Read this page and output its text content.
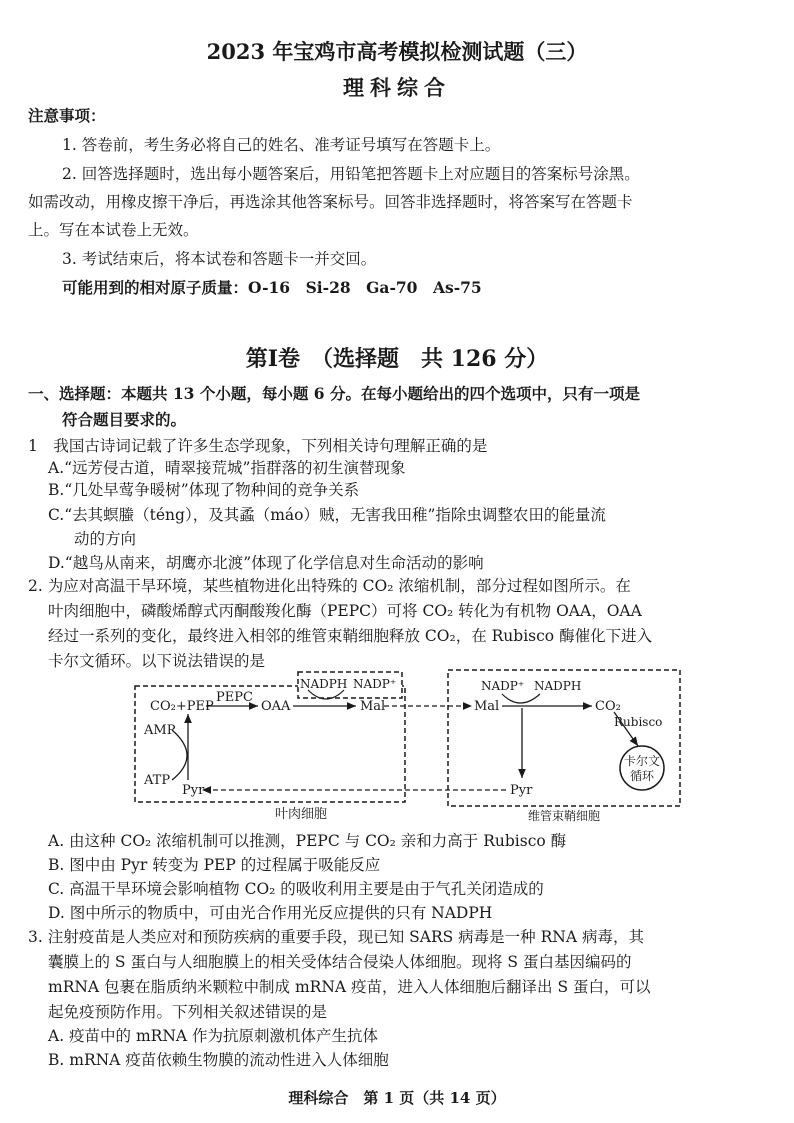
2023 年宝鸡市高考模拟检测试题（三）
理科综合
注意事项：
1. 答卷前，考生务必将自己的姓名、准考证号填写在答题卡上。
2. 回答选择题时，选出每小题答案后，用铅笔把答题卡上对应题目的答案标号涂黑。
如需改动，用橡皮擦干净后，再选涂其他答案标号。回答非选择题时，将答案写在答题卡
上。写在本试卷上无效。
3. 考试结束后，将本试卷和答题卡一并交回。
可能用到的相对原子质量：O-16　Si-28　Ga-70　As-75
第Ⅰ卷　（选择题　共 126 分）
一、选择题：本题共 13 个小题，每小题 6 分。在每小题给出的四个选项中，只有一项是
符合题目要求的。
1　我国古诗词记载了许多生态学现象，下列相关诗句理解正确的是
A.“远芳侵古道，晴翠接荒城”指群落的初生演替现象
B.“几处早莺争暖树”体现了物种间的竞争关系
C.“去其螟螣（téng），及其蟊（máo）贼，无害我田稚”指除虫调整农田的能量流
动的方向
D.“越鸟从南来，胡鹰亦北渡”体现了化学信息对生命活动的影响
2. 为应对高温干旱环境，某些植物进化出特殊的 CO₂ 浓缩机制，部分过程如图所示。在
叶肉细胞中，磷酸烯醇式丙酮酸羧化酶（PEPC）可将 CO₂ 转化为有机物 OAA，OAA
经过一系列的变化，最终进入相邻的维管束鞘细胞释放 CO₂，在 Rubisco 酶催化下进入
卡尔文循环。以下说法错误的是
CO₂+PEP
PEPC
OAA
NADPH NADP⁺
Mal
AMP
ATP
Pyr
叶肉细胞
Mal
NADP⁺ NADPH
CO₂
Rubisco
卡尔文
循环
Pyr
维管束鞘细胞
A. 由这种 CO₂ 浓缩机制可以推测，PEPC 与 CO₂ 亲和力高于 Rubisco 酶
B. 图中由 Pyr 转变为 PEP 的过程属于吸能反应
C. 高温干旱环境会影响植物 CO₂ 的吸收利用主要是由于气孔关闭造成的
D. 图中所示的物质中，可由光合作用光反应提供的只有 NADPH
3. 注射疫苗是人类应对和预防疾病的重要手段，现已知 SARS 病毒是一种 RNA 病毒，其
囊膜上的 S 蛋白与人细胞膜上的相关受体结合侵染人体细胞。现将 S 蛋白基因编码的
mRNA 包裹在脂质纳米颗粒中制成 mRNA 疫苗，进入人体细胞后翻译出 S 蛋白，可以
起免疫预防作用。下列相关叙述错误的是
A. 疫苗中的 mRNA 作为抗原刺激机体产生抗体
B. mRNA 疫苗依赖生物膜的流动性进入人体细胞
理科综合　第 1 页（共 14 页）
